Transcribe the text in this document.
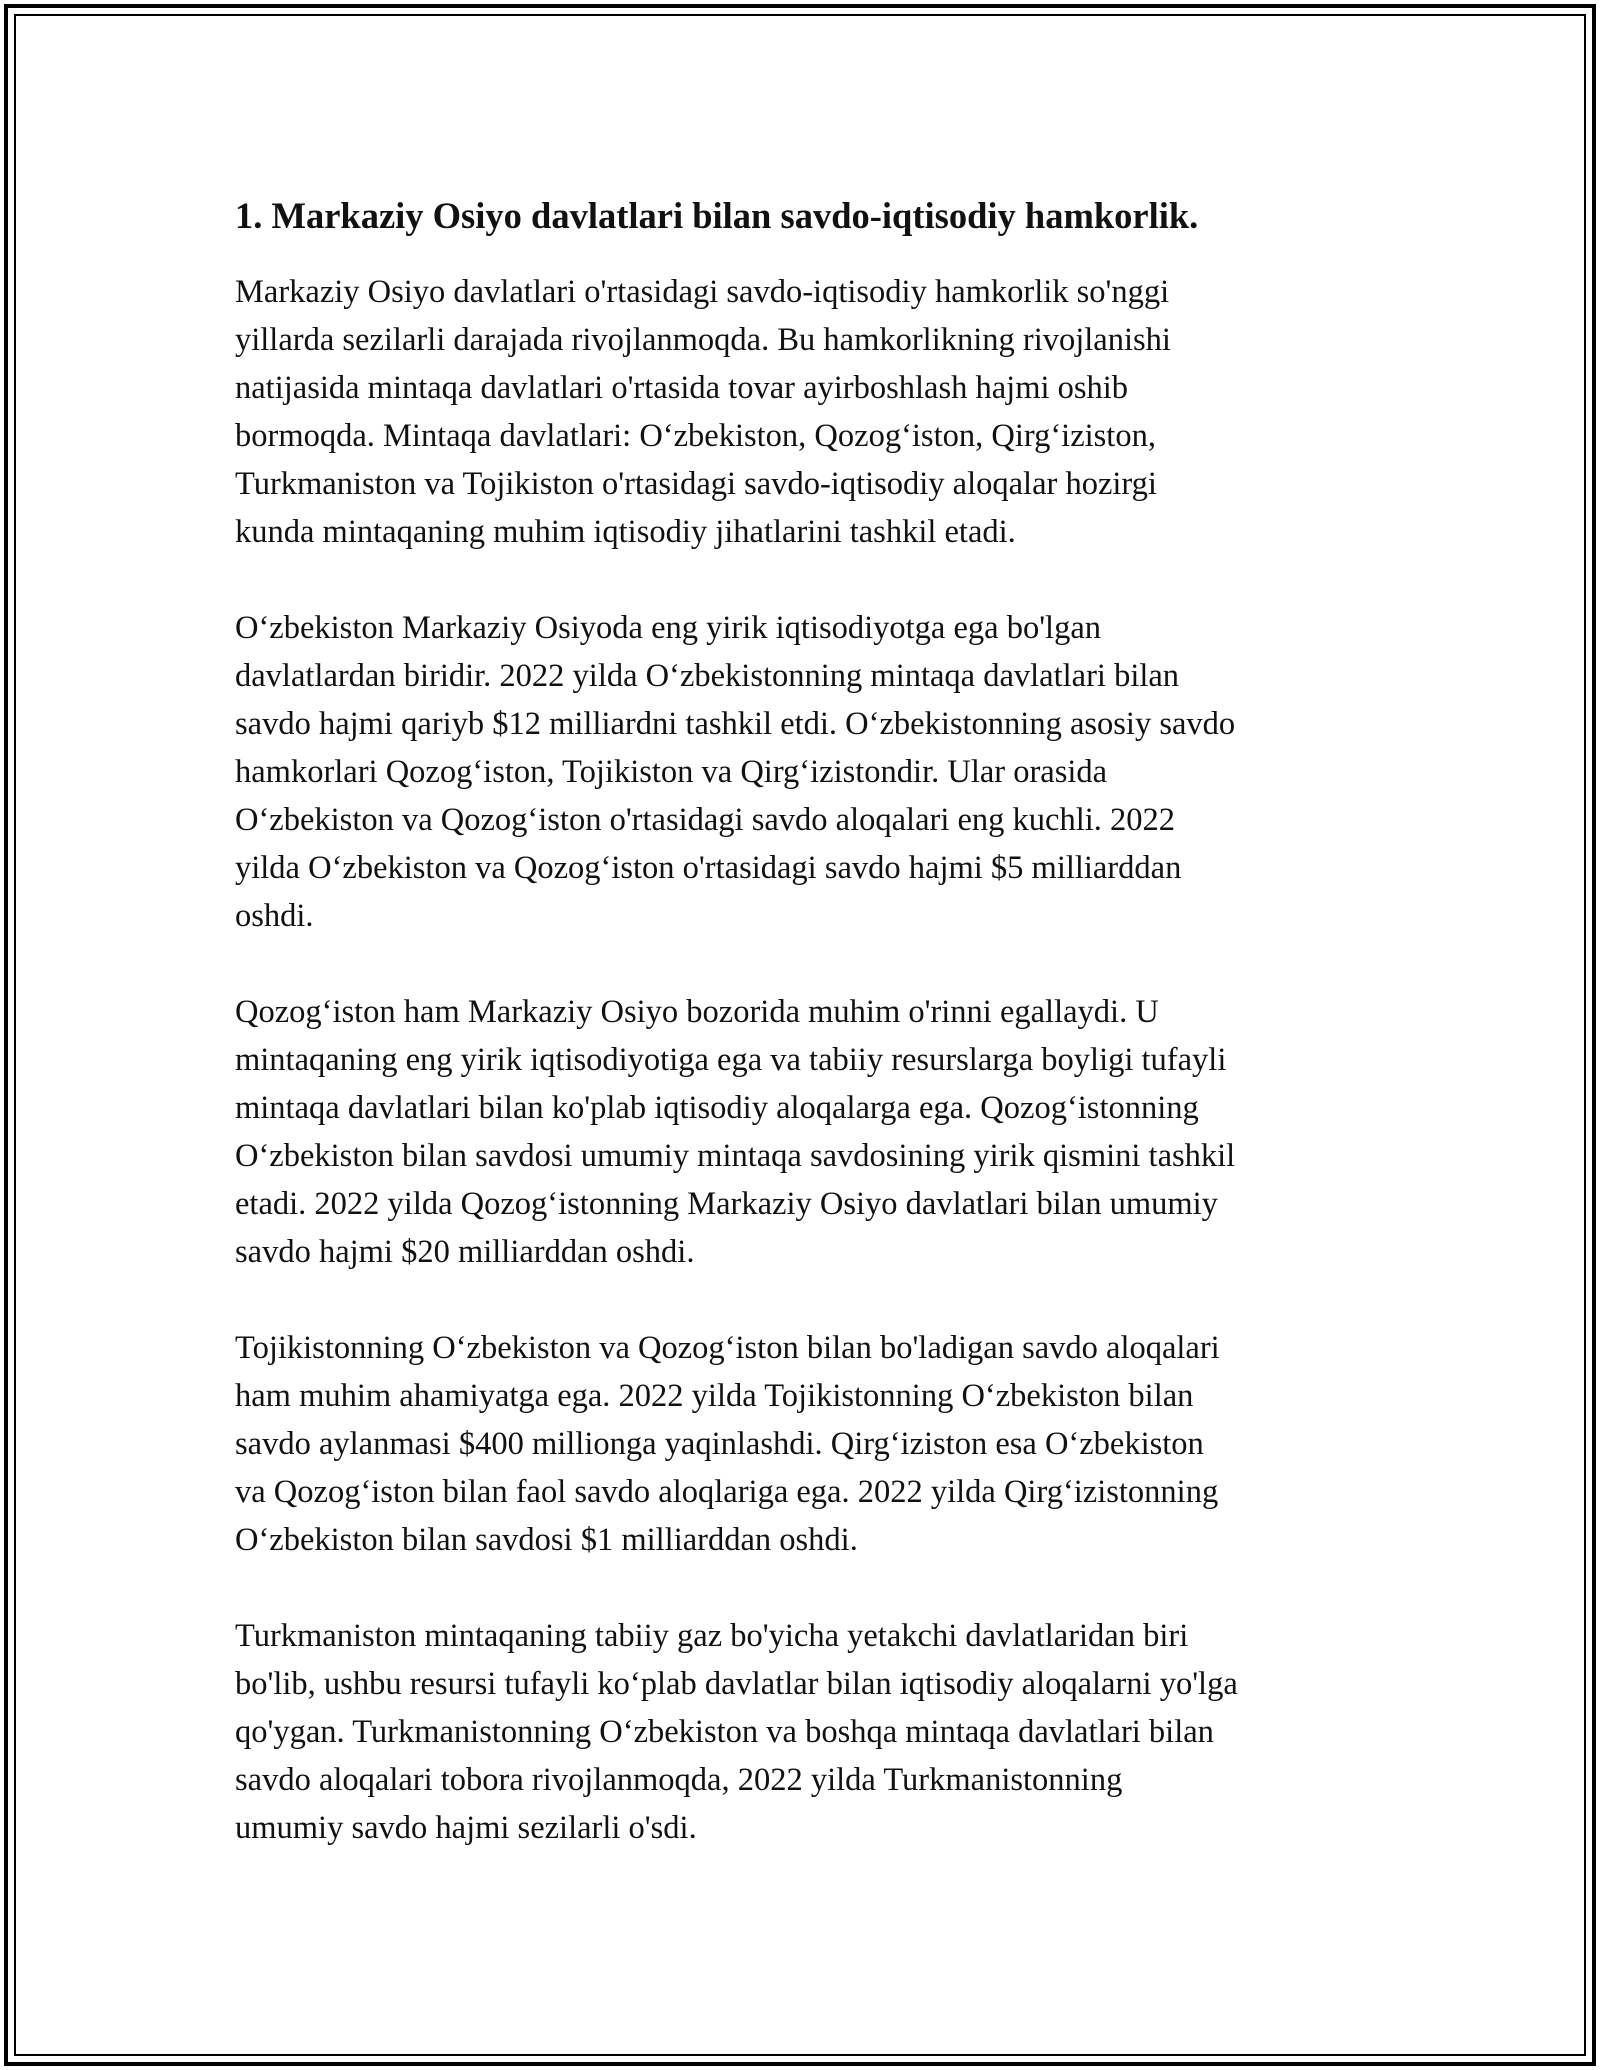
1. Markaziy Osiyo davlatlari bilan savdo-iqtisodiy hamkorlik.

Markaziy Osiyo davlatlari o'rtasidagi savdo-iqtisodiy hamkorlik so'nggi
yillarda sezilarli darajada rivojlanmoqda. Bu hamkorlikning rivojlanishi
natijasida mintaqa davlatlari o'rtasida tovar ayirboshlash hajmi oshib
bormoqda. Mintaqa davlatlari: O‘zbekiston, Qozog‘iston, Qirg‘iziston,
Turkmaniston va Tojikiston o'rtasidagi savdo-iqtisodiy aloqalar hozirgi
kunda mintaqaning muhim iqtisodiy jihatlarini tashkil etadi.

O‘zbekiston Markaziy Osiyoda eng yirik iqtisodiyotga ega bo'lgan
davlatlardan biridir. 2022 yilda O‘zbekistonning mintaqa davlatlari bilan
savdo hajmi qariyb $12 milliardni tashkil etdi. O‘zbekistonning asosiy savdo
hamkorlari Qozog‘iston, Tojikiston va Qirg‘izistondir. Ular orasida
O‘zbekiston va Qozog‘iston o'rtasidagi savdo aloqalari eng kuchli. 2022
yilda O‘zbekiston va Qozog‘iston o'rtasidagi savdo hajmi $5 milliarddan
oshdi.

Qozog‘iston ham Markaziy Osiyo bozorida muhim o'rinni egallaydi. U
mintaqaning eng yirik iqtisodiyotiga ega va tabiiy resurslarga boyligi tufayli
mintaqa davlatlari bilan ko'plab iqtisodiy aloqalarga ega. Qozog‘istonning
O‘zbekiston bilan savdosi umumiy mintaqa savdosining yirik qismini tashkil
etadi. 2022 yilda Qozog‘istonning Markaziy Osiyo davlatlari bilan umumiy
savdo hajmi $20 milliarddan oshdi.

Tojikistonning O‘zbekiston va Qozog‘iston bilan bo'ladigan savdo aloqalari
ham muhim ahamiyatga ega. 2022 yilda Tojikistonning O‘zbekiston bilan
savdo aylanmasi $400 millionga yaqinlashdi. Qirg‘iziston esa O‘zbekiston
va Qozog‘iston bilan faol savdo aloqlariga ega. 2022 yilda Qirg‘izistonning
O‘zbekiston bilan savdosi $1 milliarddan oshdi.

Turkmaniston mintaqaning tabiiy gaz bo'yicha yetakchi davlatlaridan biri
bo'lib, ushbu resursi tufayli ko‘plab davlatlar bilan iqtisodiy aloqalarni yo'lga
qo'ygan. Turkmanistonning O‘zbekiston va boshqa mintaqa davlatlari bilan
savdo aloqalari tobora rivojlanmoqda, 2022 yilda Turkmanistonning
umumiy savdo hajmi sezilarli o'sdi.
